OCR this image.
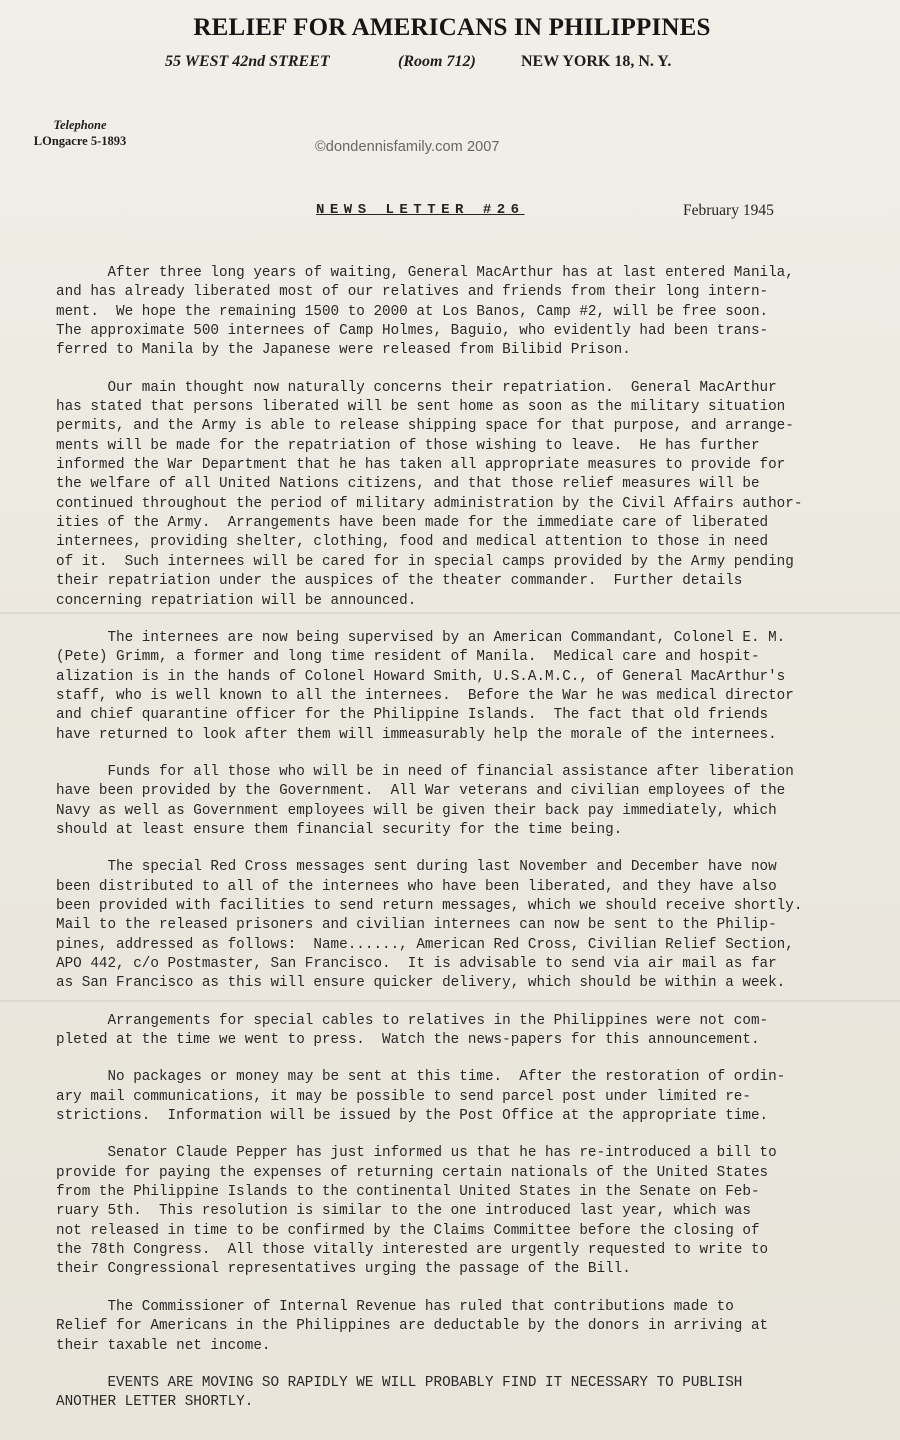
RELIEF FOR AMERICANS IN PHILIPPINES
55 WEST 42nd STREET	(Room 712)	NEW YORK 18, N. Y.
Telephone
LOngacre 5-1893	©dondennisfamily.com 2007
NEWS LETTER #26	February 1945

After three long years of waiting, General MacArthur has at last entered Manila,
and has already liberated most of our relatives and friends from their long intern-
ment.  We hope the remaining 1500 to 2000 at Los Banos, Camp #2, will be free soon.
The approximate 500 internees of Camp Holmes, Baguio, who evidently had been trans-
ferred to Manila by the Japanese were released from Bilibid Prison.

Our main thought now naturally concerns their repatriation.  General MacArthur
has stated that persons liberated will be sent home as soon as the military situation
permits, and the Army is able to release shipping space for that purpose, and arrange-
ments will be made for the repatriation of those wishing to leave.  He has further
informed the War Department that he has taken all appropriate measures to provide for
the welfare of all United Nations citizens, and that those relief measures will be
continued throughout the period of military administration by the Civil Affairs author-
ities of the Army.  Arrangements have been made for the immediate care of liberated
internees, providing shelter, clothing, food and medical attention to those in need
of it.  Such internees will be cared for in special camps provided by the Army pending
their repatriation under the auspices of the theater commander.  Further details
concerning repatriation will be announced.

The internees are now being supervised by an American Commandant, Colonel E. M.
(Pete) Grimm, a former and long time resident of Manila.  Medical care and hospit-
alization is in the hands of Colonel Howard Smith, U.S.A.M.C., of General MacArthur's
staff, who is well known to all the internees.  Before the War he was medical director
and chief quarantine officer for the Philippine Islands.  The fact that old friends
have returned to look after them will immeasurably help the morale of the internees.

Funds for all those who will be in need of financial assistance after liberation
have been provided by the Government.  All War veterans and civilian employees of the
Navy as well as Government employees will be given their back pay immediately, which
should at least ensure them financial security for the time being.

The special Red Cross messages sent during last November and December have now
been distributed to all of the internees who have been liberated, and they have also
been provided with facilities to send return messages, which we should receive shortly.
Mail to the released prisoners and civilian internees can now be sent to the Philip-
pines, addressed as follows:  Name......, American Red Cross, Civilian Relief Section,
APO 442, c/o Postmaster, San Francisco.  It is advisable to send via air mail as far
as San Francisco as this will ensure quicker delivery, which should be within a week.

Arrangements for special cables to relatives in the Philippines were not com-
pleted at the time we went to press.  Watch the news-papers for this announcement.

No packages or money may be sent at this time.  After the restoration of ordin-
ary mail communications, it may be possible to send parcel post under limited re-
strictions.  Information will be issued by the Post Office at the appropriate time.

Senator Claude Pepper has just informed us that he has re-introduced a bill to
provide for paying the expenses of returning certain nationals of the United States
from the Philippine Islands to the continental United States in the Senate on Feb-
ruary 5th.  This resolution is similar to the one introduced last year, which was
not released in time to be confirmed by the Claims Committee before the closing of
the 78th Congress.  All those vitally interested are urgently requested to write to
their Congressional representatives urging the passage of the Bill.

The Commissioner of Internal Revenue has ruled that contributions made to
Relief for Americans in the Philippines are deductable by the donors in arriving at
their taxable net income.

EVENTS ARE MOVING SO RAPIDLY WE WILL PROBABLY FIND IT NECESSARY TO PUBLISH
ANOTHER LETTER SHORTLY.
